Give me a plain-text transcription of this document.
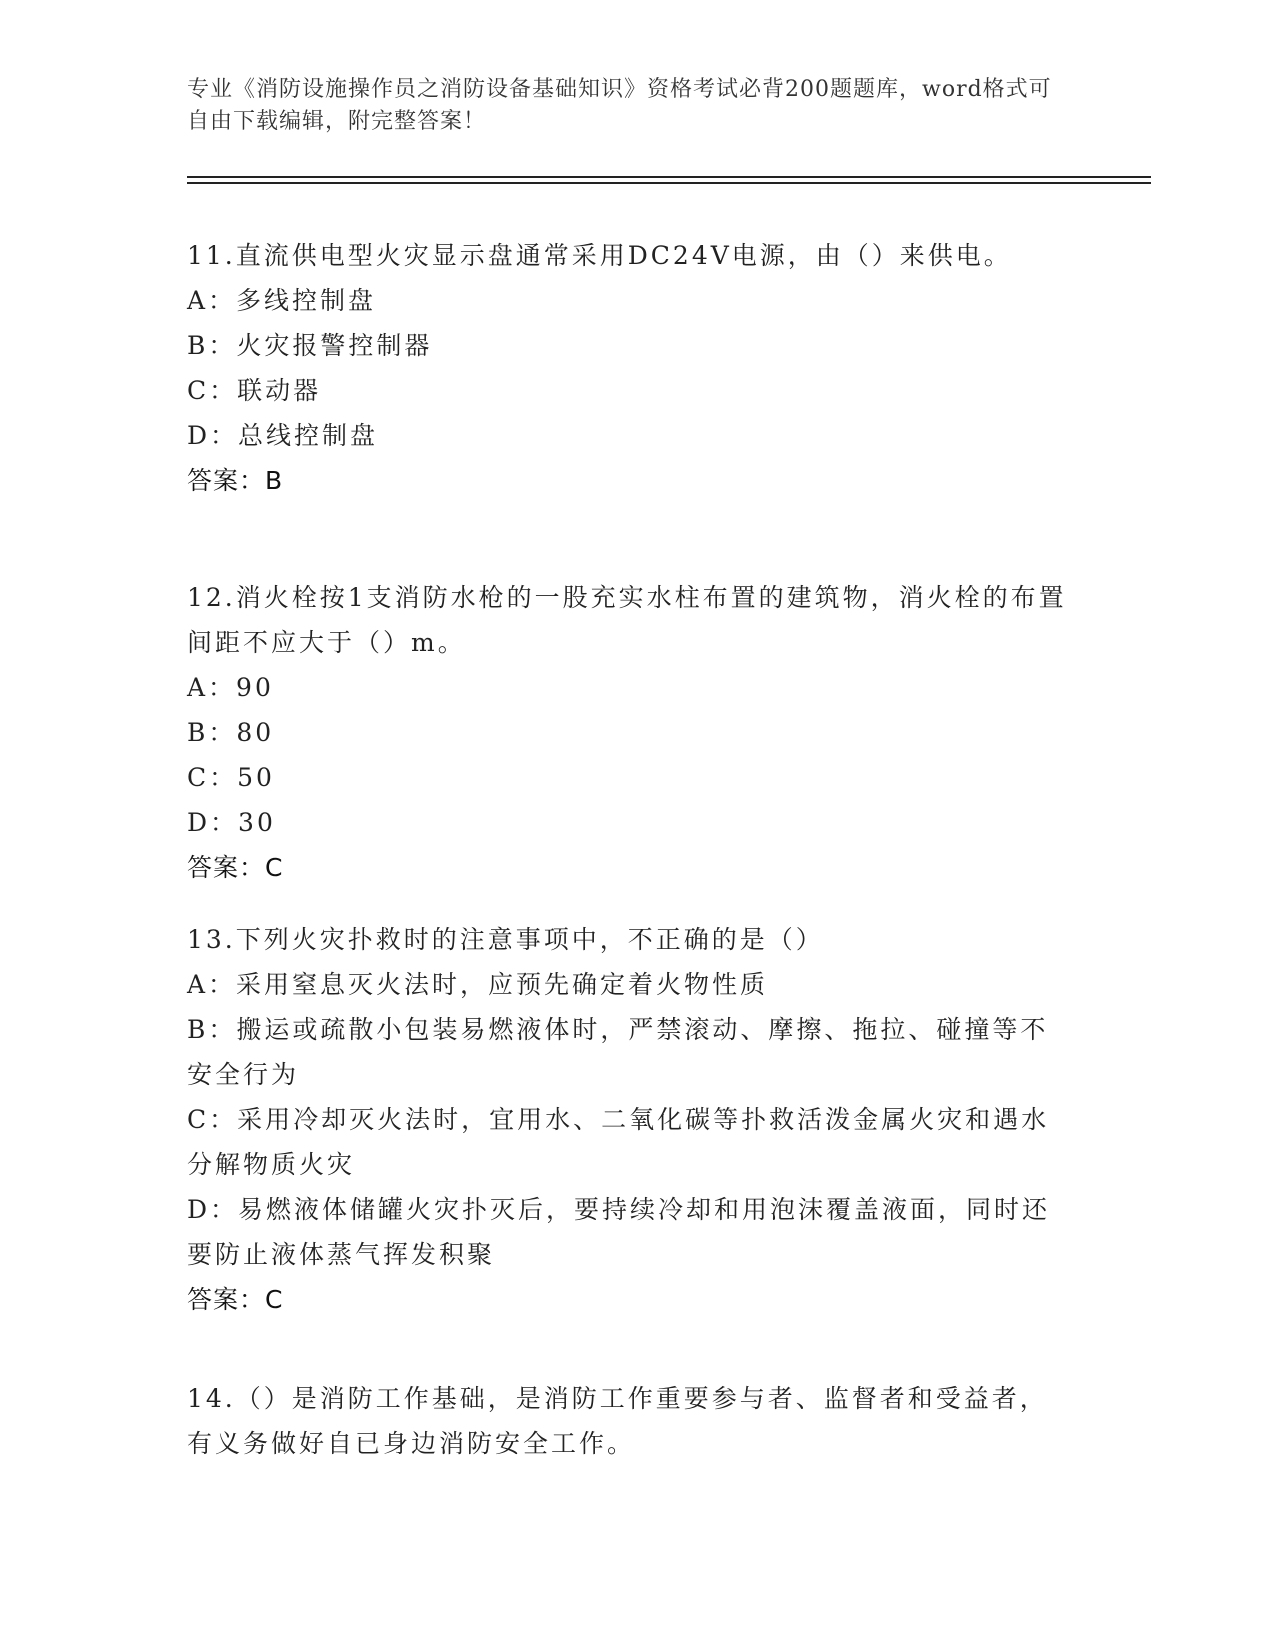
专业《消防设施操作员之消防设备基础知识》资格考试必背200题题库，word格式可自由下载编辑，附完整答案！

11.直流供电型火灾显示盘通常采用DC24V电源，由（）来供电。

A：多线控制盘

B：火灾报警控制器

C：联动器

D：总线控制盘

答案：B

12.消火栓按1支消防水枪的一股充实水柱布置的建筑物，消火栓的布置间距不应大于（）m。

A：90

B：80

C：50

D：30

答案：C

13.下列火灾扑救时的注意事项中，不正确的是（）

A：采用窒息灭火法时，应预先确定着火物性质

B：搬运或疏散小包装易燃液体时，严禁滚动、摩擦、拖拉、碰撞等不安全行为

C：采用冷却灭火法时，宜用水、二氧化碳等扑救活泼金属火灾和遇水分解物质火灾

D：易燃液体储罐火灾扑灭后，要持续冷却和用泡沫覆盖液面，同时还要防止液体蒸气挥发积聚

答案：C

14.（）是消防工作基础，是消防工作重要参与者、监督者和受益者，有义务做好自已身边消防安全工作。
